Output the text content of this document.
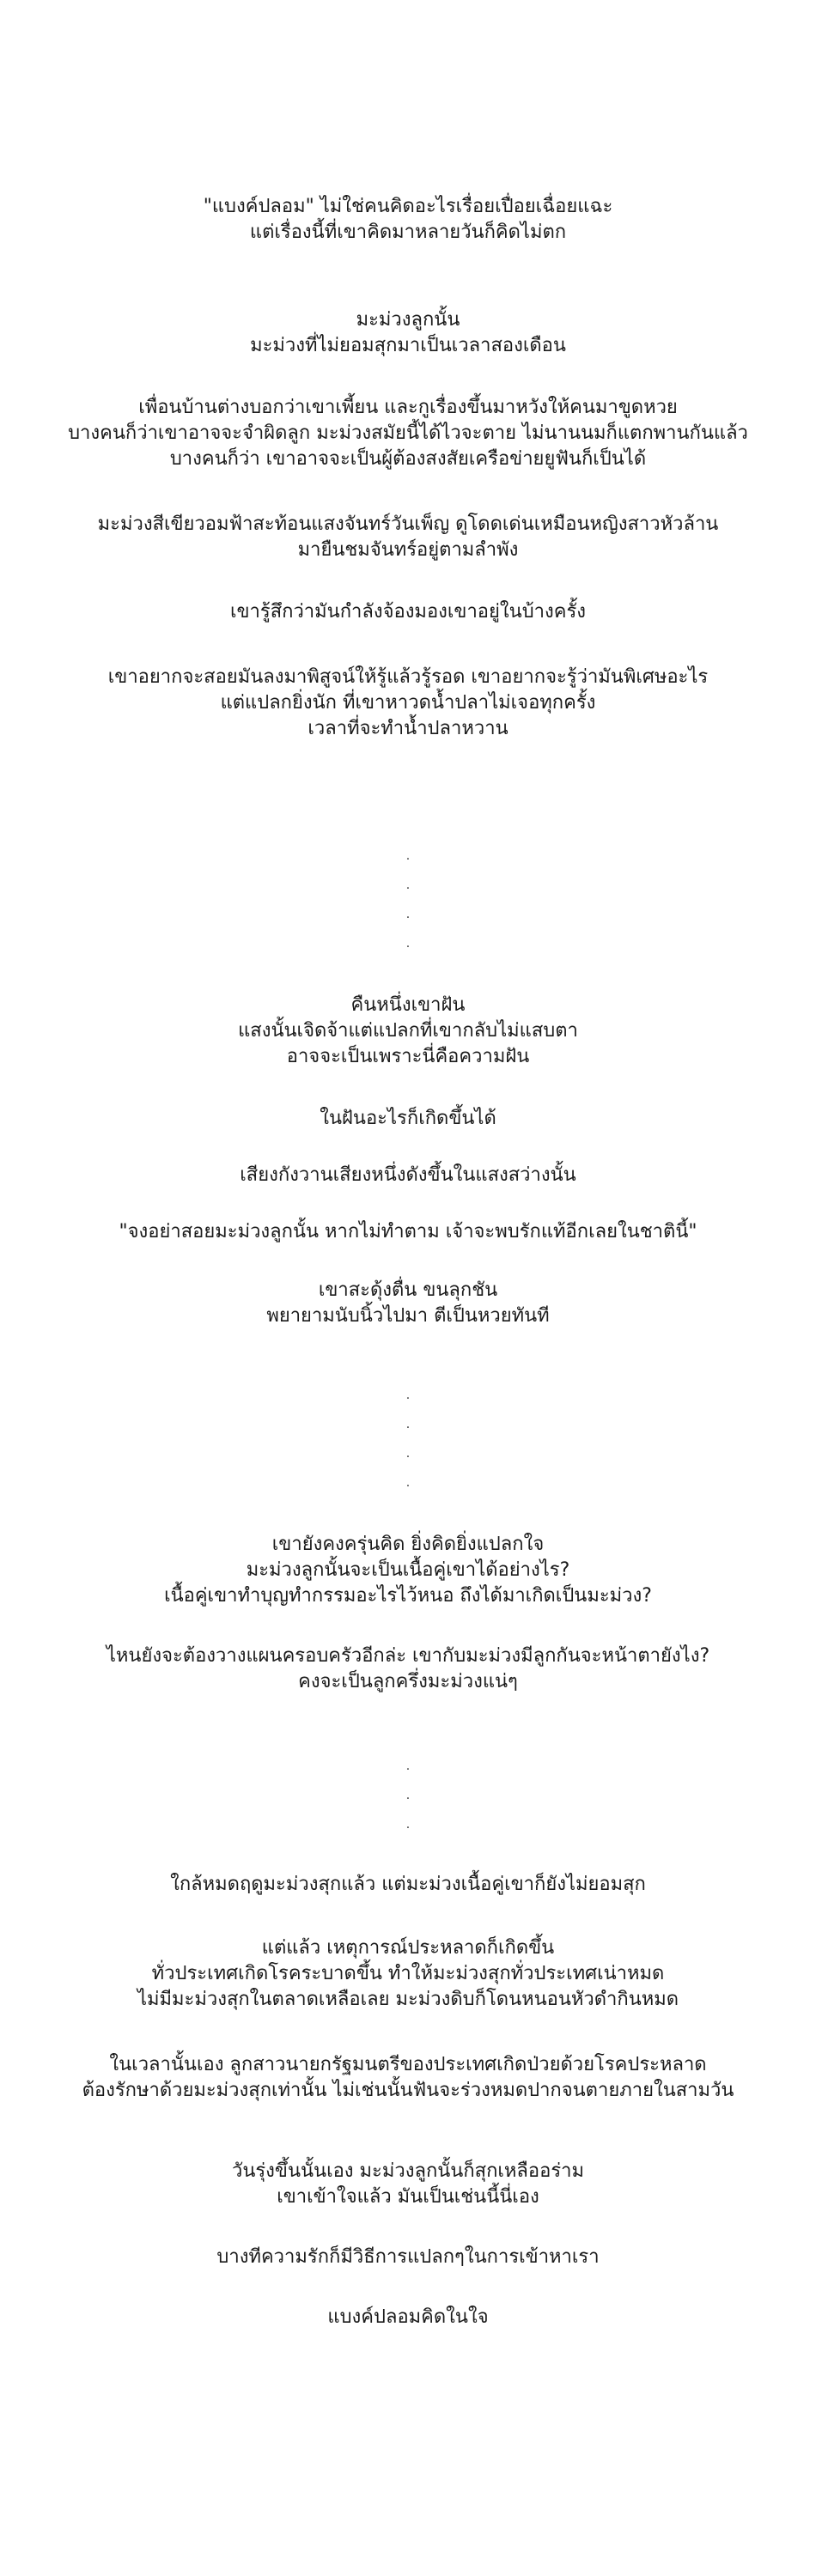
"แบงค์ปลอม" ไม่ใช่คนคิดอะไรเรื่อยเปื่อยเฉื่อยแฉะ
แต่เรื่องนี้ที่เขาคิดมาหลายวันก็คิดไม่ตก
มะม่วงลูกนั้น
มะม่วงที่ไม่ยอมสุกมาเป็นเวลาสองเดือน
เพื่อนบ้านต่างบอกว่าเขาเพี้ยน และกูเรื่องขึ้นมาหวังให้คนมาขูดหวย
บางคนก็ว่าเขาอาจจะจำผิดลูก มะม่วงสมัยนี้ได้ไวจะตาย ไม่นานนมก็แตกพานกันแล้ว
บางคนก็ว่า เขาอาจจะเป็นผู้ต้องสงสัยเครือข่ายยูฟันก็เป็นได้
มะม่วงสีเขียวอมฟ้าสะท้อนแสงจันทร์วันเพ็ญ ดูโดดเด่นเหมือนหญิงสาวหัวล้าน
มายืนชมจันทร์อยู่ตามลำพัง
เขารู้สึกว่ามันกำลังจ้องมองเขาอยู่ในบ้างครั้ง
เขาอยากจะสอยมันลงมาพิสูจน์ให้รู้แล้วรู้รอด เขาอยากจะรู้ว่ามันพิเศษอะไร
แต่แปลกยิ่งนัก ที่เขาหาวดน้ำปลาไม่เจอทุกครั้ง
เวลาที่จะทำน้ำปลาหวาน
.
.
.
.
คืนหนึ่งเขาฝัน
แสงนั้นเจิดจ้าแต่แปลกที่เขากลับไม่แสบตา
อาจจะเป็นเพราะนี่คือความฝัน
ในฝันอะไรก็เกิดขึ้นได้
เสียงกังวานเสียงหนึ่งดังขึ้นในแสงสว่างนั้น
"จงอย่าสอยมะม่วงลูกนั้น หากไม่ทำตาม เจ้าจะพบรักแท้อีกเลยในชาตินี้"
เขาสะดุ้งตื่น ขนลุกชัน
พยายามนับนิ้วไปมา ตีเป็นหวยทันที
.
.
.
.
เขายังคงครุ่นคิด ยิ่งคิดยิ่งแปลกใจ
มะม่วงลูกนั้นจะเป็นเนื้อคู่เขาได้อย่างไร?
เนื้อคู่เขาทำบุญทำกรรมอะไรไว้หนอ ถึงได้มาเกิดเป็นมะม่วง?
ไหนยังจะต้องวางแผนครอบครัวอีกล่ะ เขากับมะม่วงมีลูกกันจะหน้าตายังไง?
คงจะเป็นลูกครึ่งมะม่วงแน่ๆ
.
.
.
ใกล้หมดฤดูมะม่วงสุกแล้ว แต่มะม่วงเนื้อคู่เขาก็ยังไม่ยอมสุก
แต่แล้ว เหตุการณ์ประหลาดก็เกิดขึ้น
ทั่วประเทศเกิดโรคระบาดขึ้น ทำให้มะม่วงสุกทั่วประเทศเน่าหมด
ไม่มีมะม่วงสุกในตลาดเหลือเลย มะม่วงดิบก็โดนหนอนหัวดำกินหมด
ในเวลานั้นเอง ลูกสาวนายกรัฐมนตรีของประเทศเกิดป่วยด้วยโรคประหลาด
ต้องรักษาด้วยมะม่วงสุกเท่านั้น ไม่เช่นนั้นฟันจะร่วงหมดปากจนตายภายในสามวัน
วันรุ่งขึ้นนั้นเอง มะม่วงลูกนั้นก็สุกเหลืออร่าม
เขาเข้าใจแล้ว มันเป็นเช่นนี้นี่เอง
บางทีความรักก็มีวิธีการแปลกๆในการเข้าหาเรา
แบงค์ปลอมคิดในใจ
